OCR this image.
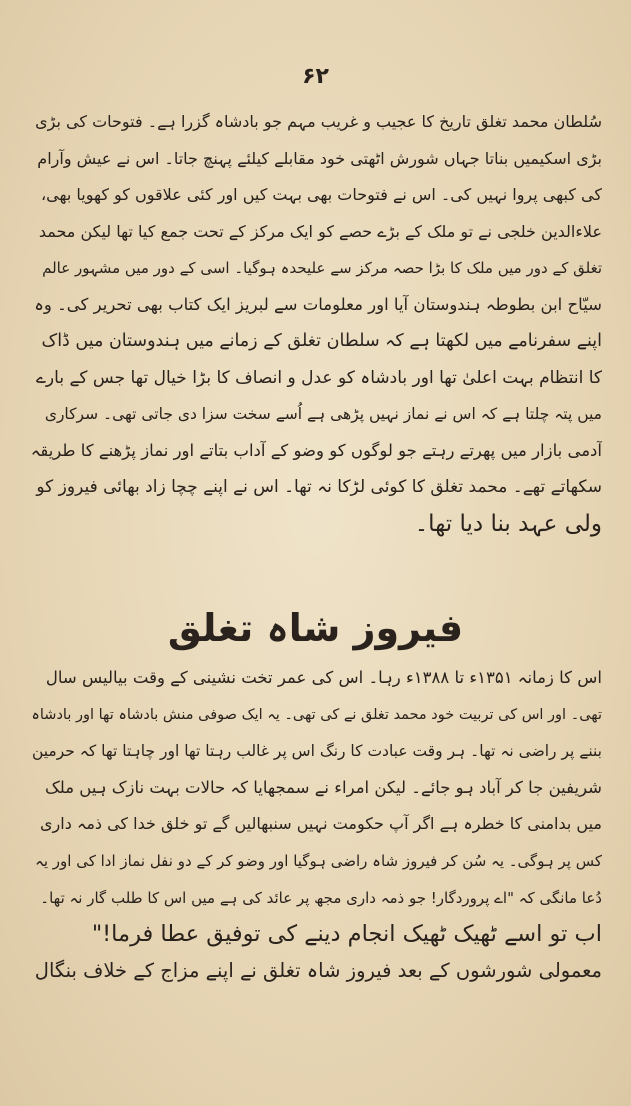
۶۲
سُلطان محمد تغلق تاریخ کا عجیب و غریب مہم جو بادشاہ گزرا ہے۔ فتوحات کی بڑی
بڑی اسکیمیں بناتا جہاں شورش اٹھتی خود مقابلے کیلئے پہنچ جاتا۔ اس نے عیش وآرام
کی کبھی پروا نہیں کی۔ اس نے فتوحات بھی بہت کیں اور کئی علاقوں کو کھویا بھی،
علاءالدین خلجی نے تو ملک کے بڑے حصے کو ایک مرکز کے تحت جمع کیا تھا لیکن محمد
تغلق کے دور میں ملک کا بڑا حصہ مرکز سے علیحدہ ہوگیا۔ اسی کے دور میں مشہور عالم
سیّاح ابن بطوطہ ہندوستان آیا اور معلومات سے لبریز ایک کتاب بھی تحریر کی۔ وہ
اپنے سفرنامے میں لکھتا ہے کہ سلطان تغلق کے زمانے میں ہندوستان میں ڈاک
کا انتظام بہت اعلیٰ تھا اور بادشاہ کو عدل و انصاف کا بڑا خیال تھا جس کے بارے
میں پتہ چلتا ہے کہ اس نے نماز نہیں پڑھی ہے اُسے سخت سزا دی جاتی تھی۔ سرکاری
آدمی بازار میں پھرتے رہتے جو لوگوں کو وضو کے آداب بتاتے اور نماز پڑھنے کا طریقہ
سکھاتے تھے۔ محمد تغلق کا کوئی لڑکا نہ تھا۔ اس نے اپنے چچا زاد بھائی فیروز کو
ولی عہد بنا دیا تھا۔
فیروز شاہ تغلق
اس کا زمانہ ۱۳۵۱ء تا ۱۳۸۸ء رہا۔ اس کی عمر تخت نشینی کے وقت بیالیس سال
تھی۔ اور اس کی تربیت خود محمد تغلق نے کی تھی۔ یہ ایک صوفی منش بادشاہ تھا اور بادشاہ
بننے پر راضی نہ تھا۔ ہر وقت عبادت کا رنگ اس پر غالب رہتا تھا اور چاہتا تھا کہ حرمین
شریفین جا کر آباد ہو جائے۔ لیکن امراء نے سمجھایا کہ حالات بہت نازک ہیں ملک
میں بدامنی کا خطرہ ہے اگر آپ حکومت نہیں سنبھالیں گے تو خلق خدا کی ذمہ داری
کس پر ہوگی۔ یہ سُن کر فیروز شاہ راضی ہوگیا اور وضو کر کے دو نفل نماز ادا کی اور یہ
دُعا مانگی کہ "اے پروردگار! جو ذمہ داری مجھ پر عائد کی ہے میں اس کا طلب گار نہ تھا۔
اب تو اسے ٹھیک ٹھیک انجام دینے کی توفیق عطا فرما!"
معمولی شورشوں کے بعد فیروز شاہ تغلق نے اپنے مزاج کے خلاف بنگال
